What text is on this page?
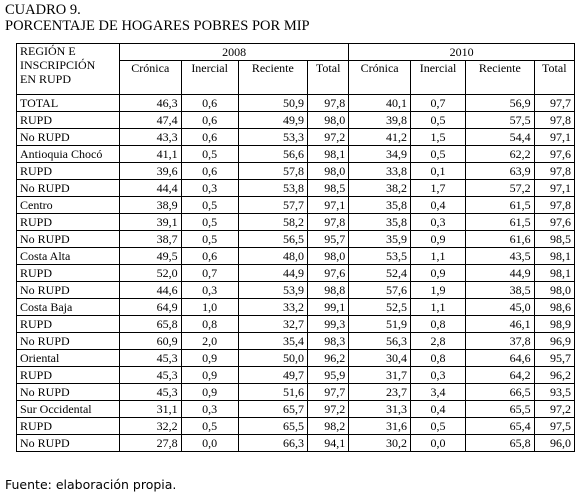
CUADRO 9.
PORCENTAJE DE HOGARES POBRES POR MIP
REGIÓN E
INSCRIPCIÓN
EN RUPD	2008				2010			
	Crónica	Inercial	Reciente	Total	Crónica	Inercial	Reciente	Total
TOTAL	46,3	0,6	50,9	97,8	40,1	0,7	56,9	97,7
RUPD	47,4	0,6	49,9	98,0	39,8	0,5	57,5	97,8
No RUPD	43,3	0,6	53,3	97,2	41,2	1,5	54,4	97,1
Antioquia Chocó	41,1	0,5	56,6	98,1	34,9	0,5	62,2	97,6
RUPD	39,6	0,6	57,8	98,0	33,8	0,1	63,9	97,8
No RUPD	44,4	0,3	53,8	98,5	38,2	1,7	57,2	97,1
Centro	38,9	0,5	57,7	97,1	35,8	0,4	61,5	97,8
RUPD	39,1	0,5	58,2	97,8	35,8	0,3	61,5	97,6
No RUPD	38,7	0,5	56,5	95,7	35,9	0,9	61,6	98,5
Costa Alta	49,5	0,6	48,0	98,0	53,5	1,1	43,5	98,1
RUPD	52,0	0,7	44,9	97,6	52,4	0,9	44,9	98,1
No RUPD	44,6	0,3	53,9	98,8	57,6	1,9	38,5	98,0
Costa Baja	64,9	1,0	33,2	99,1	52,5	1,1	45,0	98,6
RUPD	65,8	0,8	32,7	99,3	51,9	0,8	46,1	98,9
No RUPD	60,9	2,0	35,4	98,3	56,3	2,8	37,8	96,9
Oriental	45,3	0,9	50,0	96,2	30,4	0,8	64,6	95,7
RUPD	45,3	0,9	49,7	95,9	31,7	0,3	64,2	96,2
No RUPD	45,3	0,9	51,6	97,7	23,7	3,4	66,5	93,5
Sur Occidental	31,1	0,3	65,7	97,2	31,3	0,4	65,5	97,2
RUPD	32,2	0,5	65,5	98,2	31,6	0,5	65,4	97,5
No RUPD	27,8	0,0	66,3	94,1	30,2	0,0	65,8	96,0
Fuente: elaboración propia.
